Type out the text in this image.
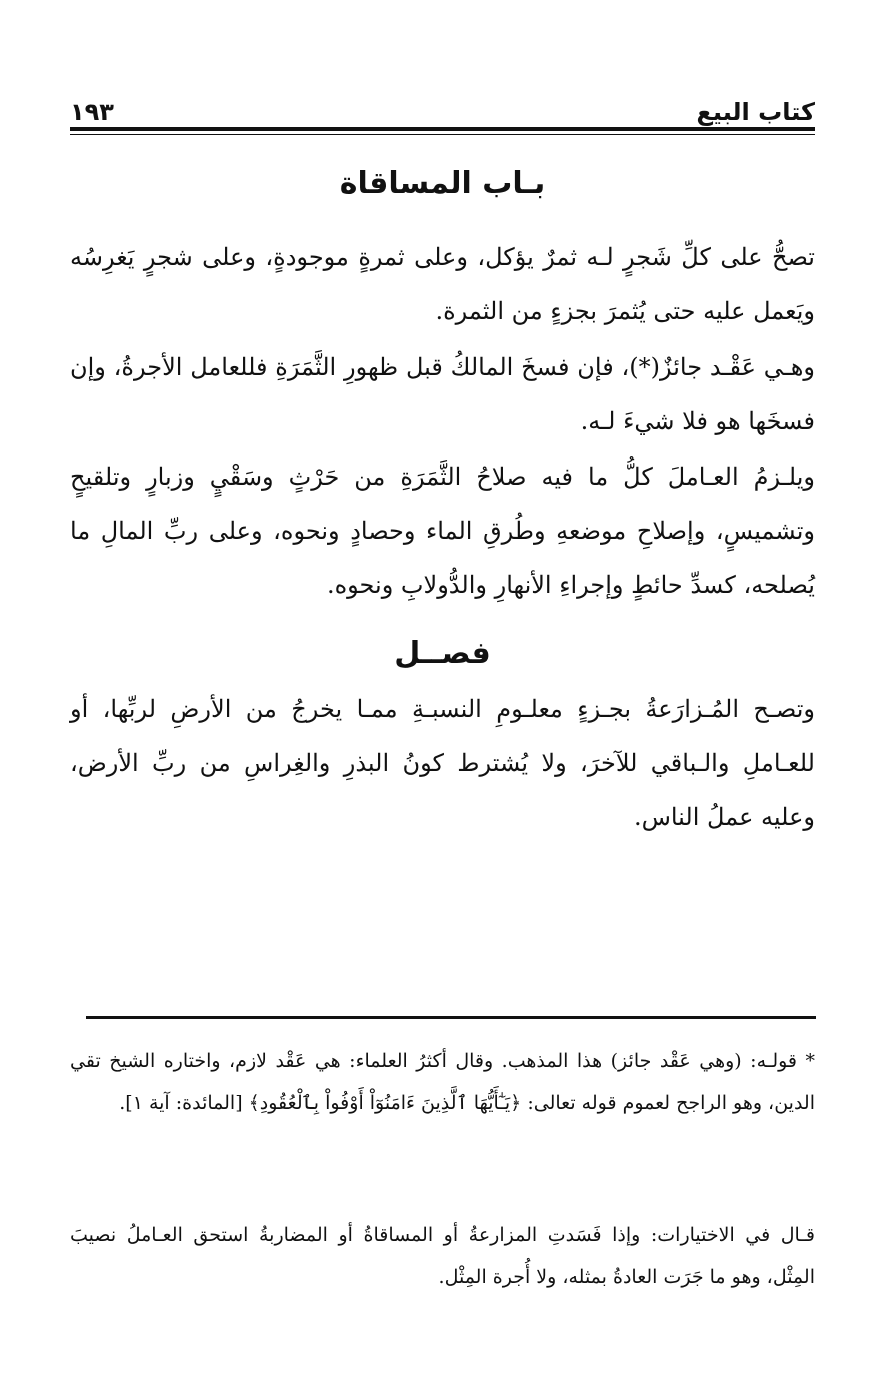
١٩٣	كتاب البيع
بـاب المساقاة

تصحُّ على كلِّ شَجرٍ لـه ثمرٌ يؤكل، وعلى ثمرةٍ موجودةٍ، وعلى شجرٍ يَغرِسُه ويَعمل عليه حتى يُثمرَ بجزءٍ من الثمرة.

وهـي عَقْـد جائزٌ(*)، فإن فسخَ المالكُ قبل ظهورِ الثَّمَرَةِ فللعامل الأجرةُ، وإن فسخَها هو فلا شيءَ لـه.

ويلـزمُ العـاملَ كلُّ ما فيه صلاحُ الثَّمَرَةِ من حَرْثٍ وسَقْيٍ وزبارٍ وتلقيحٍ وتشميسٍ، وإصلاحِ موضعهِ وطُرقِ الماء وحصادٍ ونحوه، وعلى ربِّ المالِ ما يُصلحه، كسدِّ حائطٍ وإجراءِ الأنهارِ والدُّولابِ ونحوه.

فصــل

وتصـح المُـزارَعةُ بجـزءٍ معلـومِ النسبـةِ ممـا يخرجُ من الأرضِ لربِّها، أو للعـاملِ والـباقي للآخرَ، ولا يُشترط كونُ البذرِ والغِراسِ من ربِّ الأرض، وعليه عملُ الناس.

* قولـه: (وهي عَقْد جائز) هذا المذهب. وقال أكثرُ العلماء: هي عَقْد لازم، واختاره الشيخ تقي الدين، وهو الراجح لعموم قوله تعالى: ﴿يَـٰٓأَيُّهَا ٱلَّذِينَ ءَامَنُوٓاْ أَوْفُواْ بِٱلْعُقُودِ﴾ [المائدة: آية ١].

قـال في الاختيارات: وإذا فَسَدتِ المزارعةُ أو المساقاةُ أو المضاربةُ استحق العـاملُ نصيبَ المِثْل، وهو ما جَرَت العادةُ بمثله، ولا أُجرة المِثْل.
